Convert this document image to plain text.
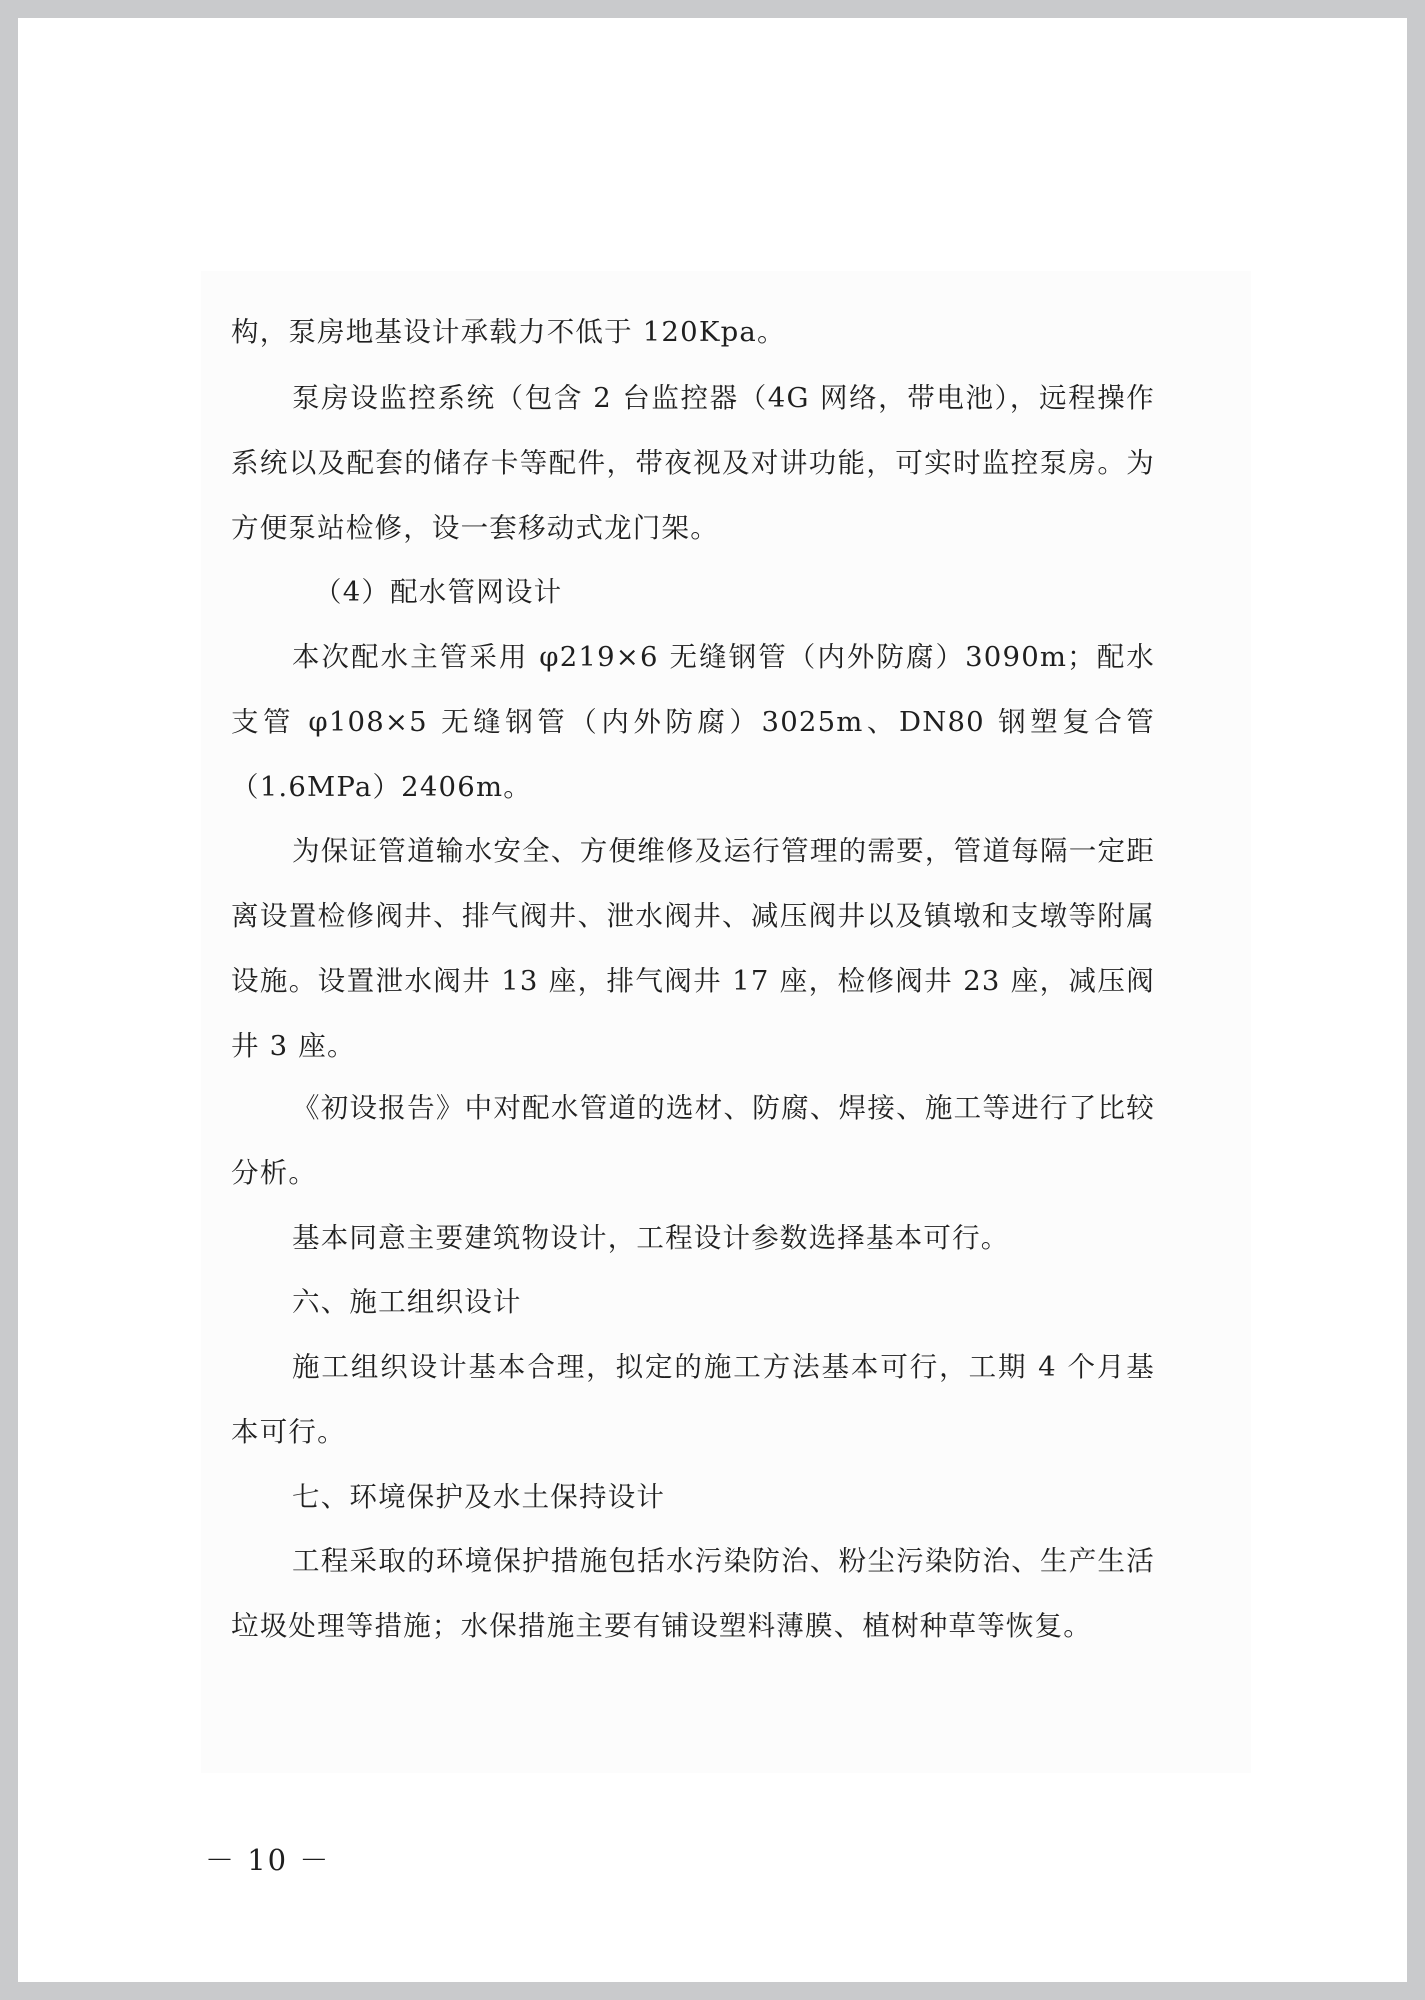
构，泵房地基设计承载力不低于 120Kpa。

泵房设监控系统（包含 2 台监控器（4G 网络，带电池），远程操作系统以及配套的储存卡等配件，带夜视及对讲功能，可实时监控泵房。为方便泵站检修，设一套移动式龙门架。

（4）配水管网设计

本次配水主管采用 φ219×6 无缝钢管（内外防腐）3090m；配水支管 φ108×5 无缝钢管（内外防腐）3025m、DN80 钢塑复合管（1.6MPa）2406m。

为保证管道输水安全、方便维修及运行管理的需要，管道每隔一定距离设置检修阀井、排气阀井、泄水阀井、减压阀井以及镇墩和支墩等附属设施。设置泄水阀井 13 座，排气阀井 17 座，检修阀井 23 座，减压阀井 3 座。

《初设报告》中对配水管道的选材、防腐、焊接、施工等进行了比较分析。

基本同意主要建筑物设计，工程设计参数选择基本可行。

六、施工组织设计

施工组织设计基本合理，拟定的施工方法基本可行，工期 4 个月基本可行。

七、环境保护及水土保持设计

工程采取的环境保护措施包括水污染防治、粉尘污染防治、生产生活垃圾处理等措施；水保措施主要有铺设塑料薄膜、植树种草等恢复。

－ 10 －
